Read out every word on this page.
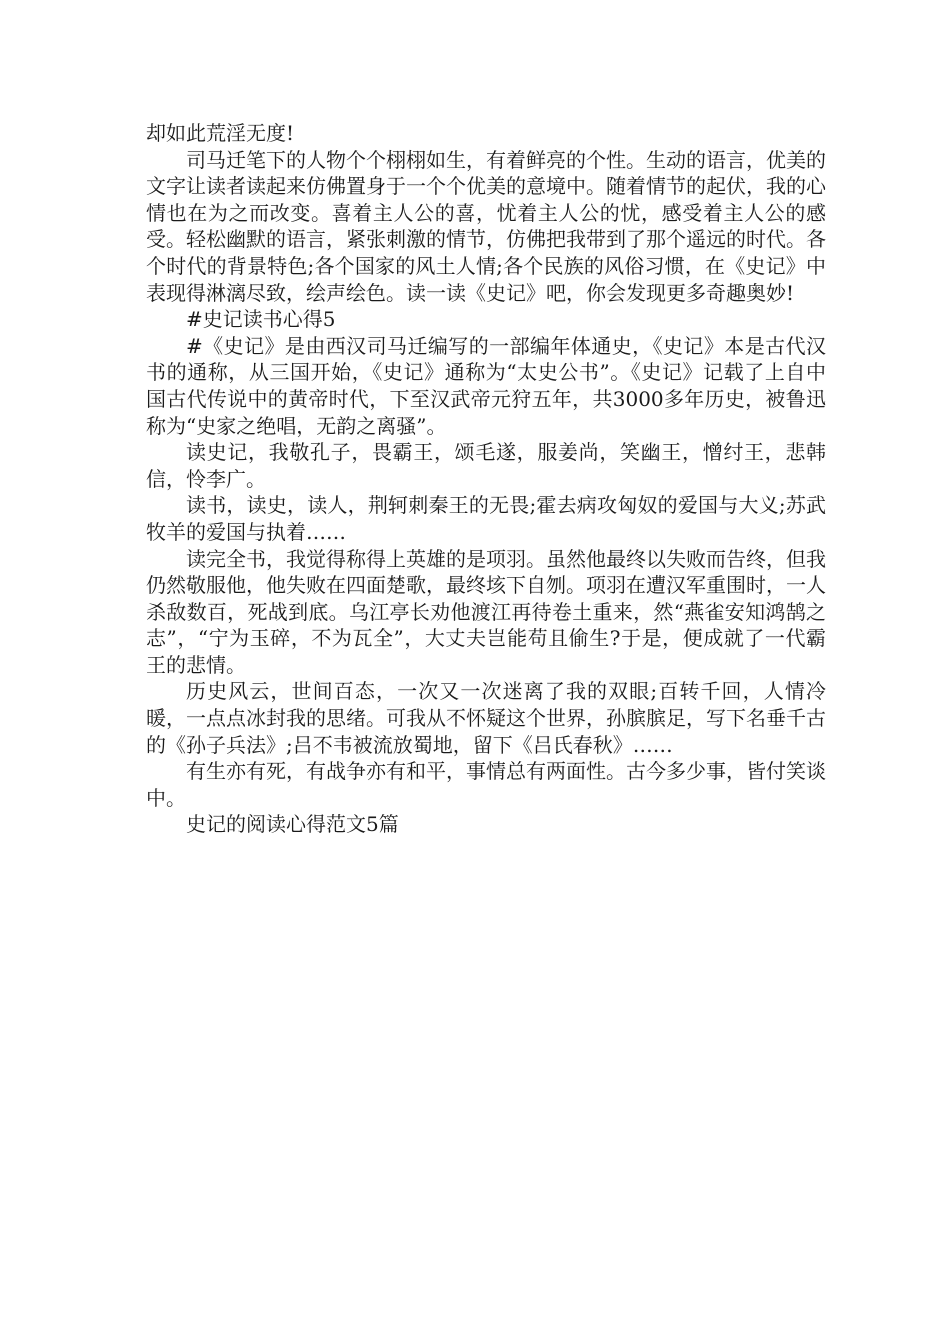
却如此荒淫无度!

司马迁笔下的人物个个栩栩如生，有着鲜亮的个性。生动的语言，优美的文字让读者读起来仿佛置身于一个个优美的意境中。随着情节的起伏，我的心情也在为之而改变。喜着主人公的喜，忧着主人公的忧，感受着主人公的感受。轻松幽默的语言，紧张刺激的情节，仿佛把我带到了那个遥远的时代。各个时代的背景特色;各个国家的风土人情;各个民族的风俗习惯，在《史记》中表现得淋漓尽致，绘声绘色。读一读《史记》吧，你会发现更多奇趣奥妙!

#史记读书心得5

#《史记》是由西汉司马迁编写的一部编年体通史，《史记》本是古代汉书的通称，从三国开始，《史记》通称为“太史公书”。《史记》记载了上自中国古代传说中的黄帝时代，下至汉武帝元狩五年，共3000多年历史，被鲁迅称为“史家之绝唱，无韵之离骚”。

读史记，我敬孔子，畏霸王，颂毛遂，服姜尚，笑幽王，憎纣王，悲韩信，怜李广。

读书，读史，读人，荆轲刺秦王的无畏;霍去病攻匈奴的爱国与大义;苏武牧羊的爱国与执着……

读完全书，我觉得称得上英雄的是项羽。虽然他最终以失败而告终，但我仍然敬服他，他失败在四面楚歌，最终垓下自刎。项羽在遭汉军重围时，一人杀敌数百，死战到底。乌江亭长劝他渡江再待卷土重来，然“燕雀安知鸿鹄之志”，“宁为玉碎，不为瓦全”，大丈夫岂能苟且偷生?于是，便成就了一代霸王的悲情。

历史风云，世间百态，一次又一次迷离了我的双眼;百转千回，人情冷暖，一点点冰封我的思绪。可我从不怀疑这个世界，孙膑膑足，写下名垂千古的《孙子兵法》;吕不韦被流放蜀地，留下《吕氏春秋》……

有生亦有死，有战争亦有和平，事情总有两面性。古今多少事，皆付笑谈中。

史记的阅读心得范文5篇
